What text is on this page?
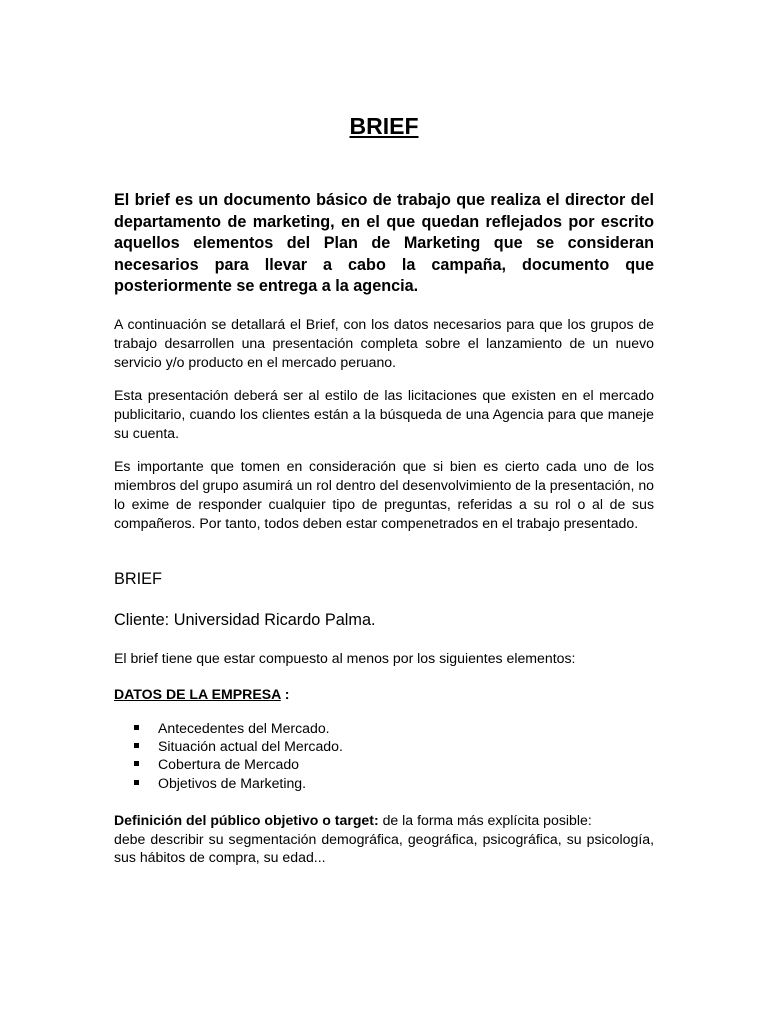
BRIEF

El brief es un documento básico de trabajo que realiza el director del departamento de marketing, en el que quedan reflejados por escrito aquellos elementos del Plan de Marketing que se consideran necesarios para llevar a cabo la campaña, documento que posteriormente se entrega a la agencia.

A continuación se detallará el Brief, con los datos necesarios para que los grupos de trabajo desarrollen una presentación completa sobre el lanzamiento de un nuevo servicio y/o producto en el mercado peruano.

Esta presentación deberá ser al estilo de las licitaciones que existen en el mercado publicitario, cuando los clientes están a la búsqueda de una Agencia para que maneje su cuenta.

Es importante que tomen en consideración que si bien es cierto cada uno de los miembros del grupo asumirá un rol dentro del desenvolvimiento de la presentación, no lo exime de responder cualquier tipo de preguntas, referidas a su rol o al de sus compañeros. Por tanto, todos deben estar compenetrados en el trabajo presentado.

BRIEF

Cliente: Universidad Ricardo Palma.

El brief tiene que estar compuesto al menos por los siguientes elementos:

DATOS DE LA EMPRESA :

Antecedentes del Mercado.
Situación actual del Mercado.
Cobertura de Mercado
Objetivos de Marketing.

Definición del público objetivo o target: de la forma más explícita posible:
debe describir su segmentación demográfica, geográfica, psicográfica, su psicología, sus hábitos de compra, su edad...
